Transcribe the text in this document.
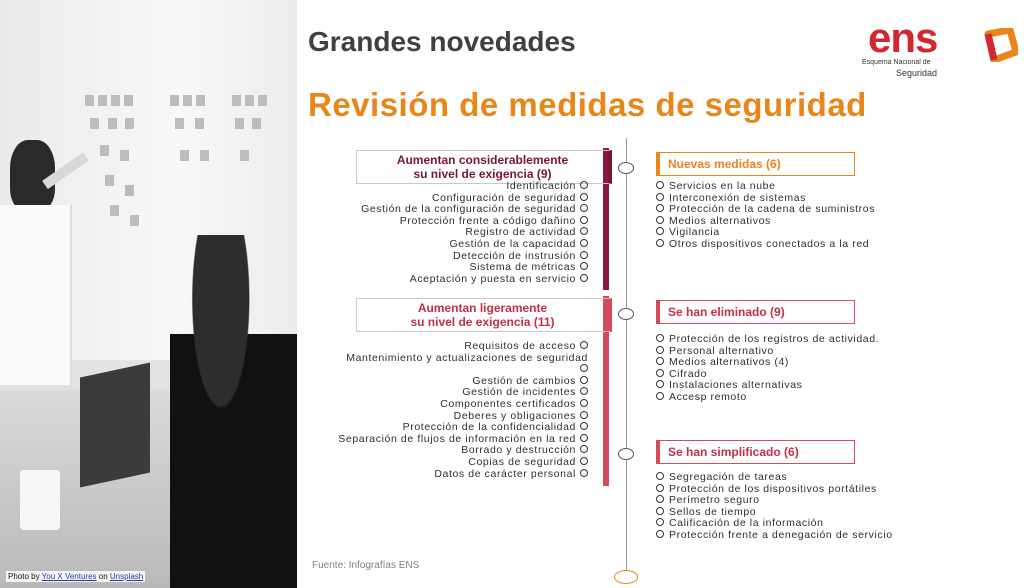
Photo by You X Ventures on Unsplash
Grandes novedades
Revisión de medidas de seguridad
ens
Esquema Nacional de
Seguridad
Aumentan considerablemente
su nivel de exigencia (9)
Identificación
Configuración de seguridad
Gestión de la configuración de seguridad
Protección frente a código dañino
Registro de actividad
Gestión de la capacidad
Detección de instrusión
Sistema de métricas
Aceptación y puesta en servicio
Aumentan ligeramente
su nivel de exigencia (11)
Requisitos de acceso
Mantenimiento y actualizaciones de seguridad
Gestión de cambios
Gestión de incidentes
Componentes certificados
Deberes y obligaciones
Protección de la confidencialidad
Separación de flujos de información en la red
Borrado y destrucción
Copias de seguridad
Datos de carácter personal
Nuevas medidas (6)
Servicios en la nube
Interconexión de sistemas
Protección de la cadena de suministros
Medios alternativos
Vigilancia
Otros dispositivos conectados a la red
Se han eliminado (9)
Protección de los registros de actividad.
Personal alternativo
Medios alternativos (4)
Cifrado
Instalaciones alternativas
Accesp remoto
Se han simplificado (6)
Segregación de tareas
Protección de los dispositivos portátiles
Perímetro seguro
Sellos de tiempo
Calificación de la información
Protección frente a denegación de servicio
Fuente: Infografías ENS
